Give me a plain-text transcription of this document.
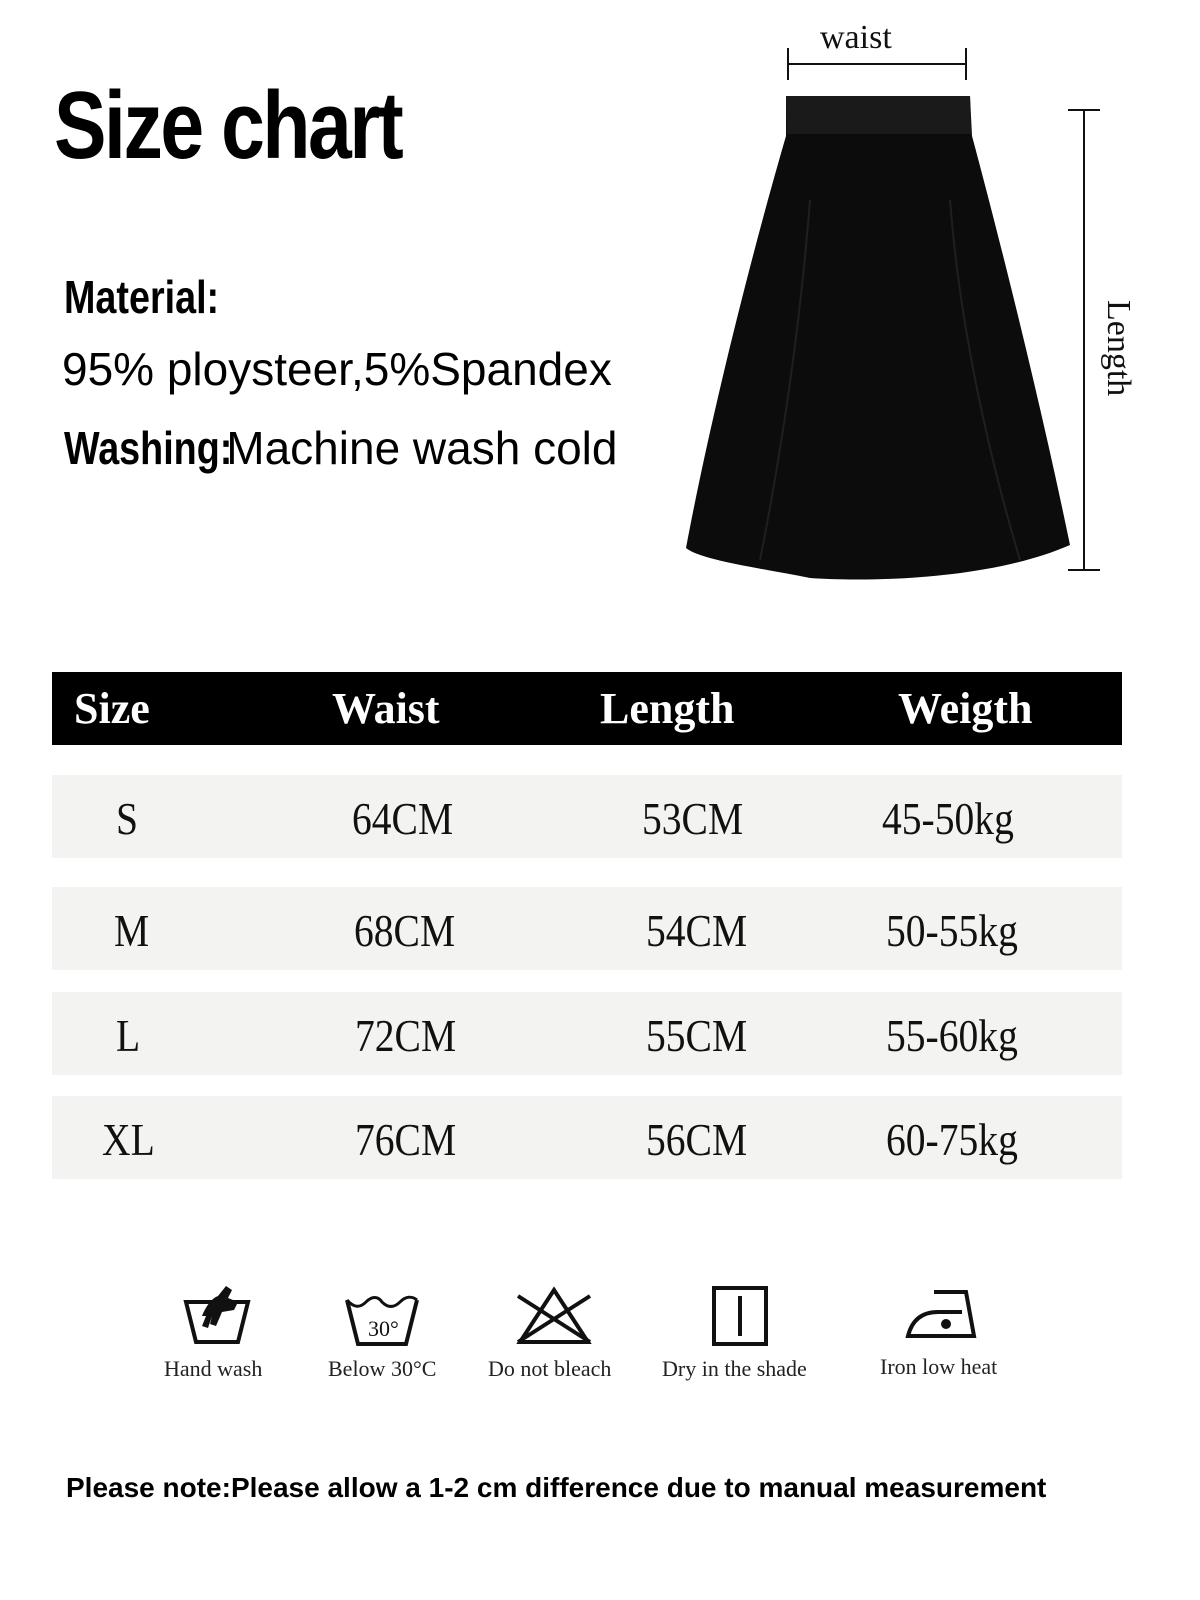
Size chart
Material:
95% ploysteer,5%Spandex
Washing:Machine wash cold
waist
Length
Size	Waist	Length	Weigth
S	64CM	53CM	45-50kg
M	68CM	54CM	50-55kg
L	72CM	55CM	55-60kg
XL	76CM	56CM	60-75kg
Hand wash
30°
Below 30°C Do not bleach Dry in the shade	Iron low heat
Please note:Please allow a 1-2 cm difference due to manual measurement
